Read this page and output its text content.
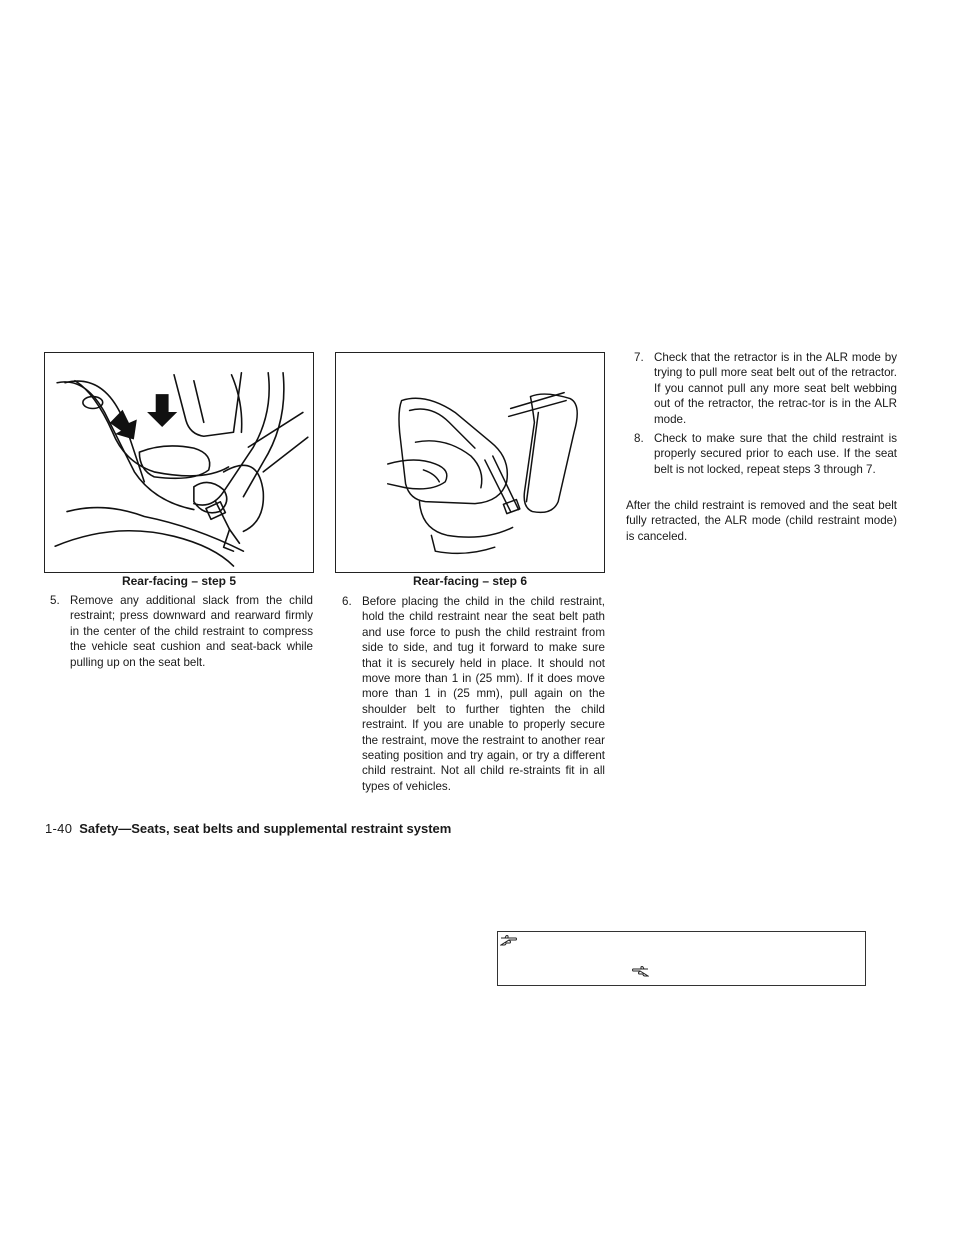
Rear-facing – step 5	Rear-facing – step 6
5. Remove any additional slack from the child restraint; press downward and rearward firmly in the center of the child restraint to compress the vehicle seat cushion and seat-back while pulling up on the seat belt.
6. Before placing the child in the child restraint, hold the child restraint near the seat belt path and use force to push the child restraint from side to side, and tug it forward to make sure that it is securely held in place. It should not move more than 1 in (25 mm). If it does move more than 1 in (25 mm), pull again on the shoulder belt to further tighten the child restraint. If you are unable to properly secure the restraint, move the restraint to another rear seating position and try again, or try a different child restraint. Not all child re-straints fit in all types of vehicles.
7. Check that the retractor is in the ALR mode by trying to pull more seat belt out of the retractor. If you cannot pull any more seat belt webbing out of the retractor, the retrac-tor is in the ALR mode.
8. Check to make sure that the child restraint is properly secured prior to each use. If the seat belt is not locked, repeat steps 3 through 7.
After the child restraint is removed and the seat belt fully retracted, the ALR mode (child restraint mode) is canceled.
1-40 Safety—Seats, seat belts and supplemental restraint system
